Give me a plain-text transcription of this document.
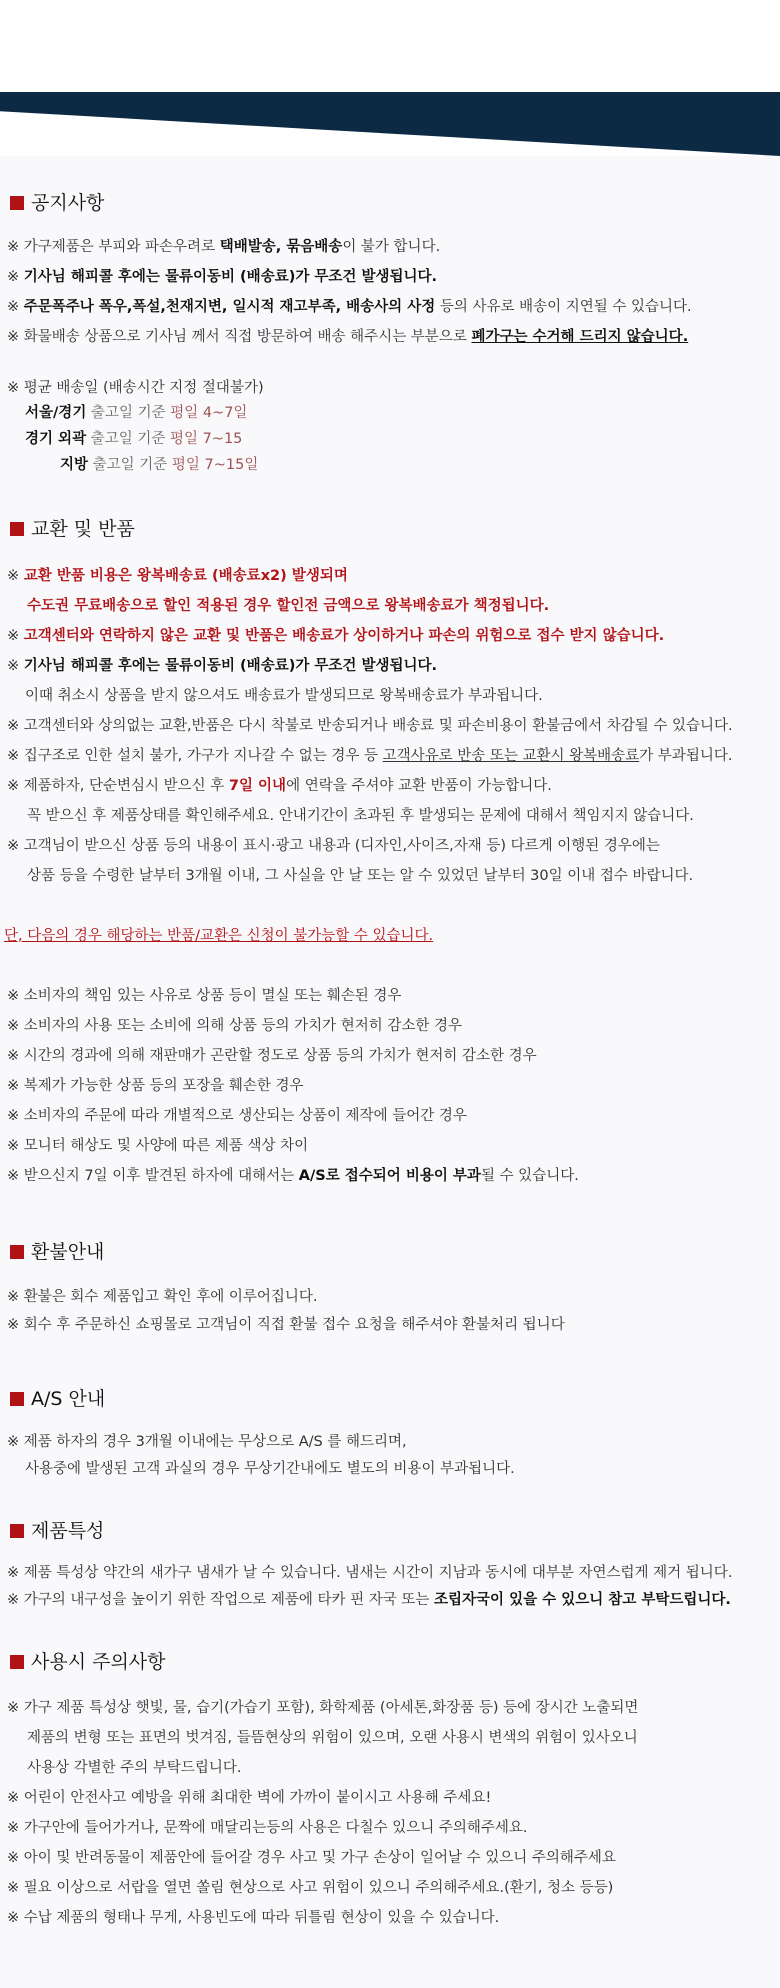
공지사항
※ 가구제품은 부피와 파손우려로 택배발송, 묶음배송이 불가 합니다.
※ 기사님 해피콜 후에는 물류이동비 (배송료)가 무조건 발생됩니다.
※ 주문폭주나 폭우,폭설,천재지변, 일시적 재고부족, 배송사의 사정 등의 사유로 배송이 지연될 수 있습니다.
※ 화물배송 상품으로 기사님 께서 직접 방문하여 배송 해주시는 부분으로 폐가구는 수거해 드리지 않습니다.
※ 평균 배송일 (배송시간 지정 절대불가)
서울/경기 출고일 기준 평일 4~7일
경기 외곽 출고일 기준 평일 7~15
지방 출고일 기준 평일 7~15일
교환 및 반품
※ 교환 반품 비용은 왕복배송료 (배송료x2) 발생되며
수도권 무료배송으로 할인 적용된 경우 할인전 금액으로 왕복배송료가 책정됩니다.
※ 고객센터와 연락하지 않은 교환 및 반품은 배송료가 상이하거나 파손의 위험으로 접수 받지 않습니다.
※ 기사님 해피콜 후에는 물류이동비 (배송료)가 무조건 발생됩니다.
이때 취소시 상품을 받지 않으셔도 배송료가 발생되므로 왕복배송료가 부과됩니다.
※ 고객센터와 상의없는 교환,반품은 다시 착불로 반송되거나 배송료 및 파손비용이 환불금에서 차감될 수 있습니다.
※ 집구조로 인한 설치 불가, 가구가 지나갈 수 없는 경우 등 고객사유로 반송 또는 교환시 왕복배송료가 부과됩니다.
※ 제품하자, 단순변심시 받으신 후 7일 이내에 연락을 주셔야 교환 반품이 가능합니다.
꼭 받으신 후 제품상태를 확인해주세요. 안내기간이 초과된 후 발생되는 문제에 대해서 책임지지 않습니다.
※ 고객님이 받으신 상품 등의 내용이 표시·광고 내용과 (디자인,사이즈,자재 등) 다르게 이행된 경우에는
상품 등을 수령한 날부터 3개월 이내, 그 사실을 안 날 또는 알 수 있었던 날부터 30일 이내 접수 바랍니다.
단, 다음의 경우 해당하는 반품/교환은 신청이 불가능할 수 있습니다.
※ 소비자의 책임 있는 사유로 상품 등이 멸실 또는 훼손된 경우
※ 소비자의 사용 또는 소비에 의해 상품 등의 가치가 현저히 감소한 경우
※ 시간의 경과에 의해 재판매가 곤란할 정도로 상품 등의 가치가 현저히 감소한 경우
※ 복제가 가능한 상품 등의 포장을 훼손한 경우
※ 소비자의 주문에 따라 개별적으로 생산되는 상품이 제작에 들어간 경우
※ 모니터 해상도 및 사양에 따른 제품 색상 차이
※ 받으신지 7일 이후 발견된 하자에 대해서는 A/S로 접수되어 비용이 부과될 수 있습니다.
환불안내
※ 환불은 회수 제품입고 확인 후에 이루어집니다.
※ 회수 후 주문하신 쇼핑몰로 고객님이 직접 환불 접수 요청을 해주셔야 환불처리 됩니다
A/S 안내
※ 제품 하자의 경우 3개월 이내에는 무상으로 A/S 를 해드리며,
사용중에 발생된 고객 과실의 경우 무상기간내에도 별도의 비용이 부과됩니다.
제품특성
※ 제품 특성상 약간의 새가구 냄새가 날 수 있습니다. 냄새는 시간이 지남과 동시에 대부분 자연스럽게 제거 됩니다.
※ 가구의 내구성을 높이기 위한 작업으로 제품에 타카 핀 자국 또는 조립자국이 있을 수 있으니 참고 부탁드립니다.
사용시 주의사항
※ 가구 제품 특성상 햇빛, 물, 습기(가습기 포함), 화학제품 (아세톤,화장품 등) 등에 장시간 노출되면
제품의 변형 또는 표면의 벗겨짐, 들뜸현상의 위험이 있으며, 오랜 사용시 변색의 위험이 있사오니
사용상 각별한 주의 부탁드립니다.
※ 어린이 안전사고 예방을 위해 최대한 벽에 가까이 붙이시고 사용해 주세요!
※ 가구안에 들어가거나, 문짝에 매달리는등의 사용은 다칠수 있으니 주의해주세요.
※ 아이 및 반려동물이 제품안에 들어갈 경우 사고 및 가구 손상이 일어날 수 있으니 주의해주세요
※ 필요 이상으로 서랍을 열면 쏠림 현상으로 사고 위험이 있으니 주의해주세요.(환기, 청소 등등)
※ 수납 제품의 형태나 무게, 사용빈도에 따라 뒤틀림 현상이 있을 수 있습니다.
